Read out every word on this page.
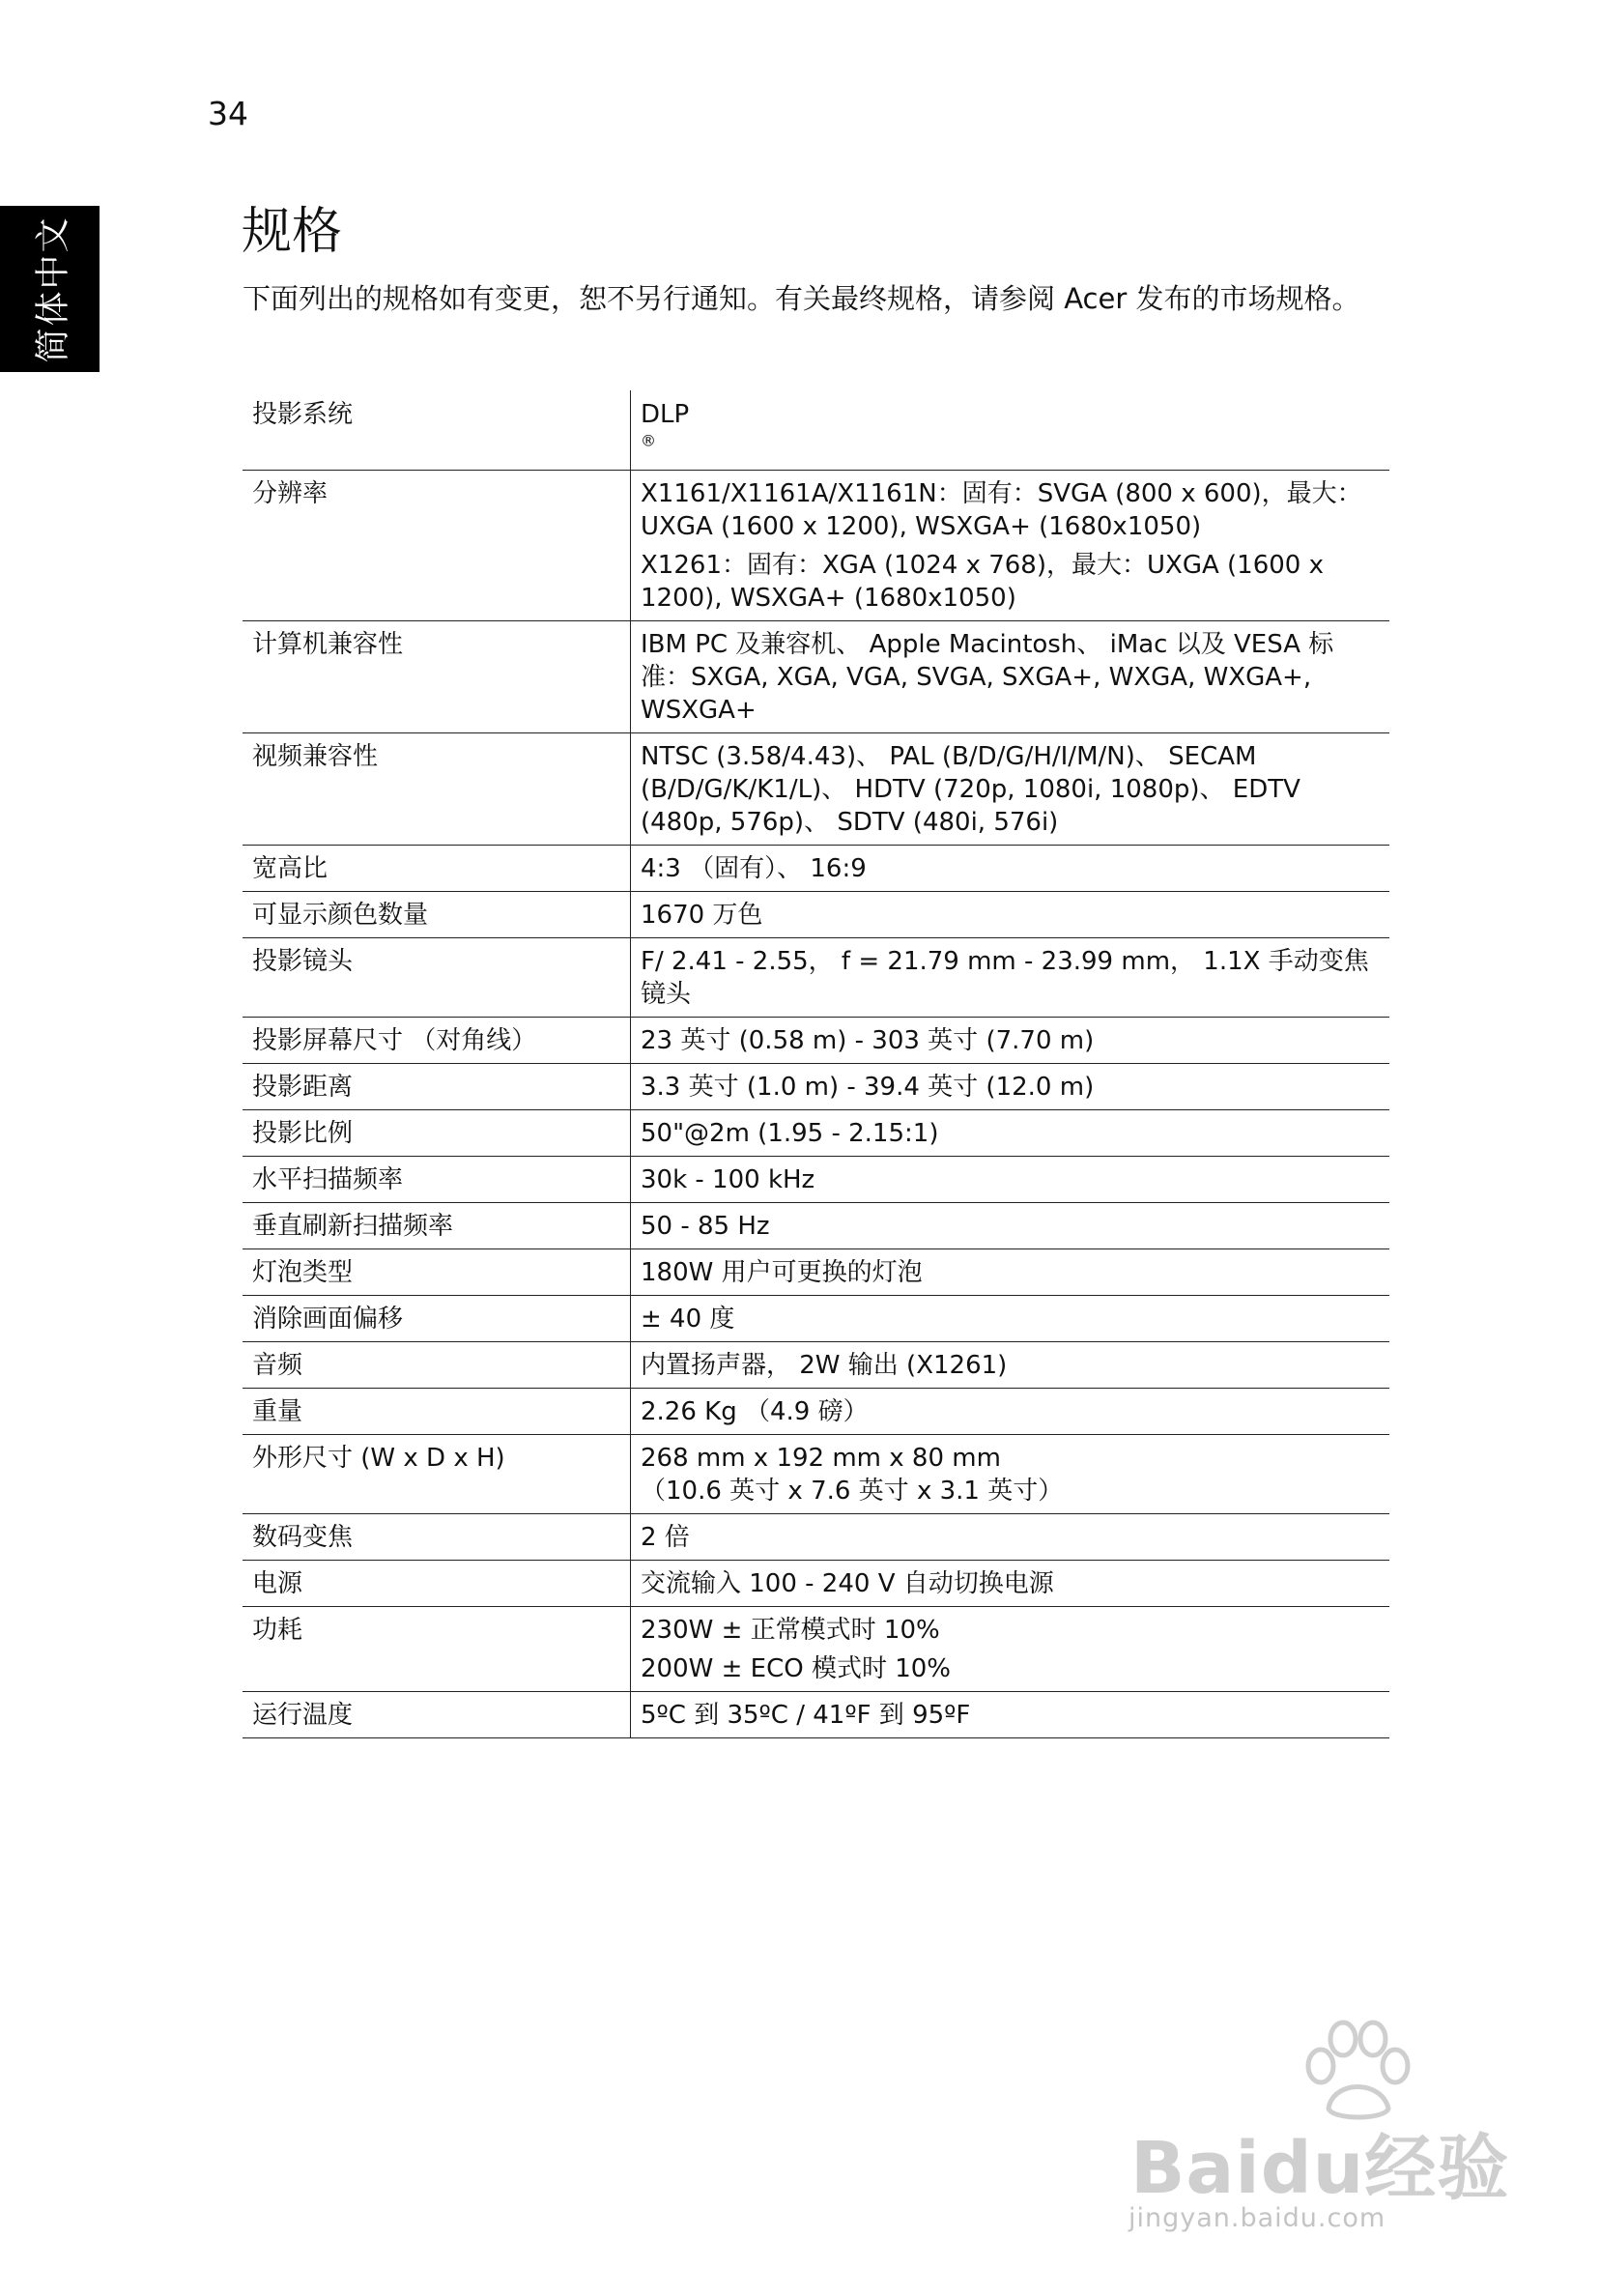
34
简体中文	规格

下面列出的规格如有变更，恕不另行通知。有关最终规格，请参阅 Acer 发布的市场规格。

投影系统	DLP
®
分辨率	X1161/X1161A/X1161N：固有：SVGA (800 x 600)，最大：UXGA (1600 x 1200), WSXGA+ (1680x1050)
X1261：固有：XGA (1024 x 768)，最大：UXGA (1600 x 1200), WSXGA+ (1680x1050)

计算机兼容性	IBM PC 及兼容机、 Apple Macintosh、 iMac 以及 VESA 标准：SXGA, XGA, VGA, SVGA, SXGA+, WXGA, WXGA+, WSXGA+

视频兼容性	NTSC (3.58/4.43)、 PAL (B/D/G/H/I/M/N)、 SECAM (B/D/G/K/K1/L)、 HDTV (720p, 1080i, 1080p)、 EDTV (480p, 576p)、 SDTV (480i, 576i)

宽高比	4:3 （固有）、 16:9

可显示颜色数量	1670 万色

投影镜头	F/ 2.41 - 2.55， f = 21.79 mm - 23.99 mm， 1.1X 手动变焦镜头

投影屏幕尺寸 （对角线）	23 英寸 (0.58 m) - 303 英寸 (7.70 m)

投影距离	3.3 英寸 (1.0 m) - 39.4 英寸 (12.0 m)

投影比例	50"@2m (1.95 - 2.15:1)

水平扫描频率	30k - 100 kHz

垂直刷新扫描频率	50 - 85 Hz

灯泡类型	180W 用户可更换的灯泡

消除画面偏移	± 40 度

音频	内置扬声器， 2W 输出 (X1261)

重量	2.26 Kg （4.9 磅）

外形尺寸 (W x D x H)	268 mm x 192 mm x 80 mm
（10.6 英寸 x 7.6 英寸 x 3.1 英寸）

数码变焦	2 倍

电源	交流输入 100 - 240 V 自动切换电源

功耗	230W ± 正常模式时 10%
200W ± ECO 模式时 10%

运行温度	5ºC 到 35ºC / 41ºF 到 95ºF
Baidu经验
jingyan.baidu.com
